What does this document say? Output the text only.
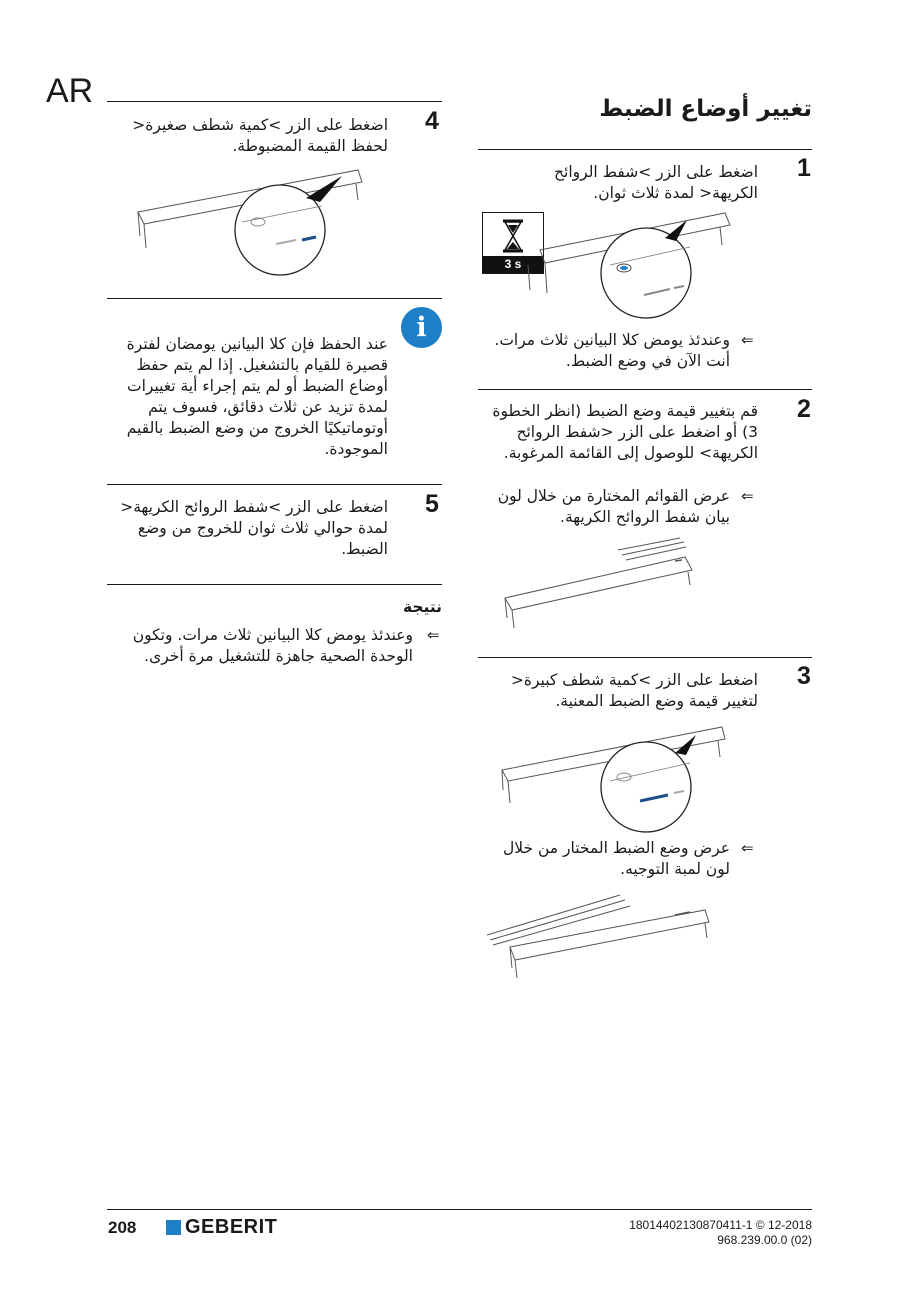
AR	تغيير أوضاع الضبط
1
اضغط على الزر >شفط الروائح الكريهة< لمدة ثلاث ثوان.
3 s
⇐
وعندئذ يومض كلا البيانين ثلاث مرات. أنت الآن في وضع الضبط.
2
قم بتغيير قيمة وضع الضبط (انظر الخطوة 3) أو اضغط على الزر <شفط الروائح الكريهة> للوصول إلى القائمة المرغوبة.
⇐
عرض القوائم المختارة من خلال لون بيان شفط الروائح الكريهة.
3
اضغط على الزر >كمية شطف كبيرة< لتغيير قيمة وضع الضبط المعنية.
⇐
عرض وضع الضبط المختار من خلال لون لمبة التوجيه.
4
اضغط على الزر >كمية شطف صغيرة< لحفظ القيمة المضبوطة.
i
عند الحفظ فإن كلا البيانين يومضان لفترة قصيرة للقيام بالتشغيل. إذا لم يتم حفظ أوضاع الضبط أو لم يتم إجراء أية تغييرات لمدة تزيد عن ثلاث دقائق، فسوف يتم أوتوماتيكيًا الخروج من وضع الضبط بالقيم الموجودة.
5
اضغط على الزر >شفط الروائح الكريهة< لمدة حوالي ثلاث ثوان للخروج من وضع الضبط.
نتيجة
⇐
وعندئذ يومض كلا البيانين ثلاث مرات. وتكون الوحدة الصحية جاهزة للتشغيل مرة أخرى.
208 GEBERIT	18014402130870411-1 © 12-2018
968.239.00.0 (02)
